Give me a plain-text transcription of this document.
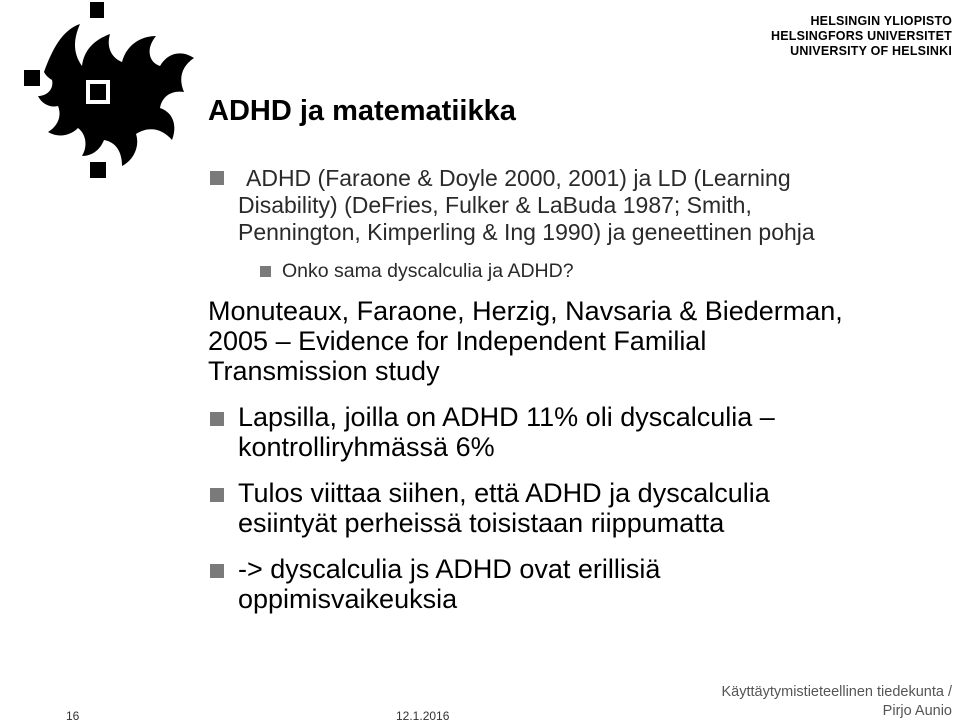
HELSINGIN YLIOPISTO
HELSINGFORS UNIVERSITET
UNIVERSITY OF HELSINKI
ADHD ja matematiikka

ADHD (Faraone & Doyle 2000, 2001) ja LD (Learning

Disability) (DeFries, Fulker & LaBuda 1987; Smith,

Pennington, Kimperling & Ing 1990) ja geneettinen pohja

Onko sama dyscalculia ja ADHD?

Monuteaux, Faraone, Herzig, Navsaria & Biederman,

2005 – Evidence for Independent Familial

Transmission study

Lapsilla, joilla on ADHD 11% oli dyscalculia –

kontrolliryhmässä 6%

Tulos viittaa siihen, että ADHD ja dyscalculia

esiintyät perheissä toisistaan riippumatta

-> dyscalculia js ADHD ovat erillisiä

oppimisvaikeuksia

16	12.1.2016
Käyttäytymistieteellinen tiedekunta /
Pirjo Aunio
